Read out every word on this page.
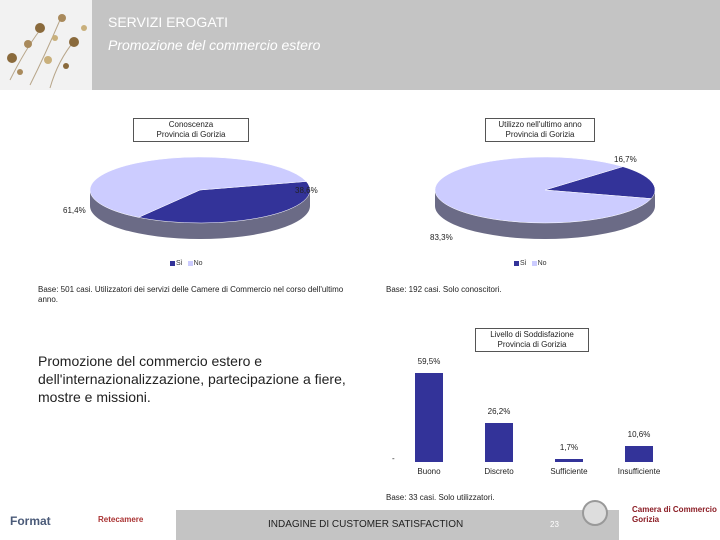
SERVIZI EROGATI
Promozione del commercio estero
Conoscenza
Provincia di Gorizia
38,6%
61,4%
Sì No
Base: 501 casi. Utilizzatori dei servizi delle Camere di Commercio nel corso dell'ultimo anno.
Utilizzo nell'ultimo anno
Provincia di Gorizia
16,7%
83,3%
Sì No
Base: 192 casi. Solo conoscitori.
Livello di Soddisfazione
Provincia di Gorizia
59,5%
Buono
26,2%
Discreto
1,7%
Sufficiente
10,6%
Insufficiente
-
Base: 33 casi. Solo utilizzatori.
Promozione del commercio estero e dell'internazionalizzazione, partecipazione a fiere, mostre e missioni.
INDAGINE DI CUSTOMER SATISFACTION	23
Format	Retecamere
Camera di Commercio
Gorizia
